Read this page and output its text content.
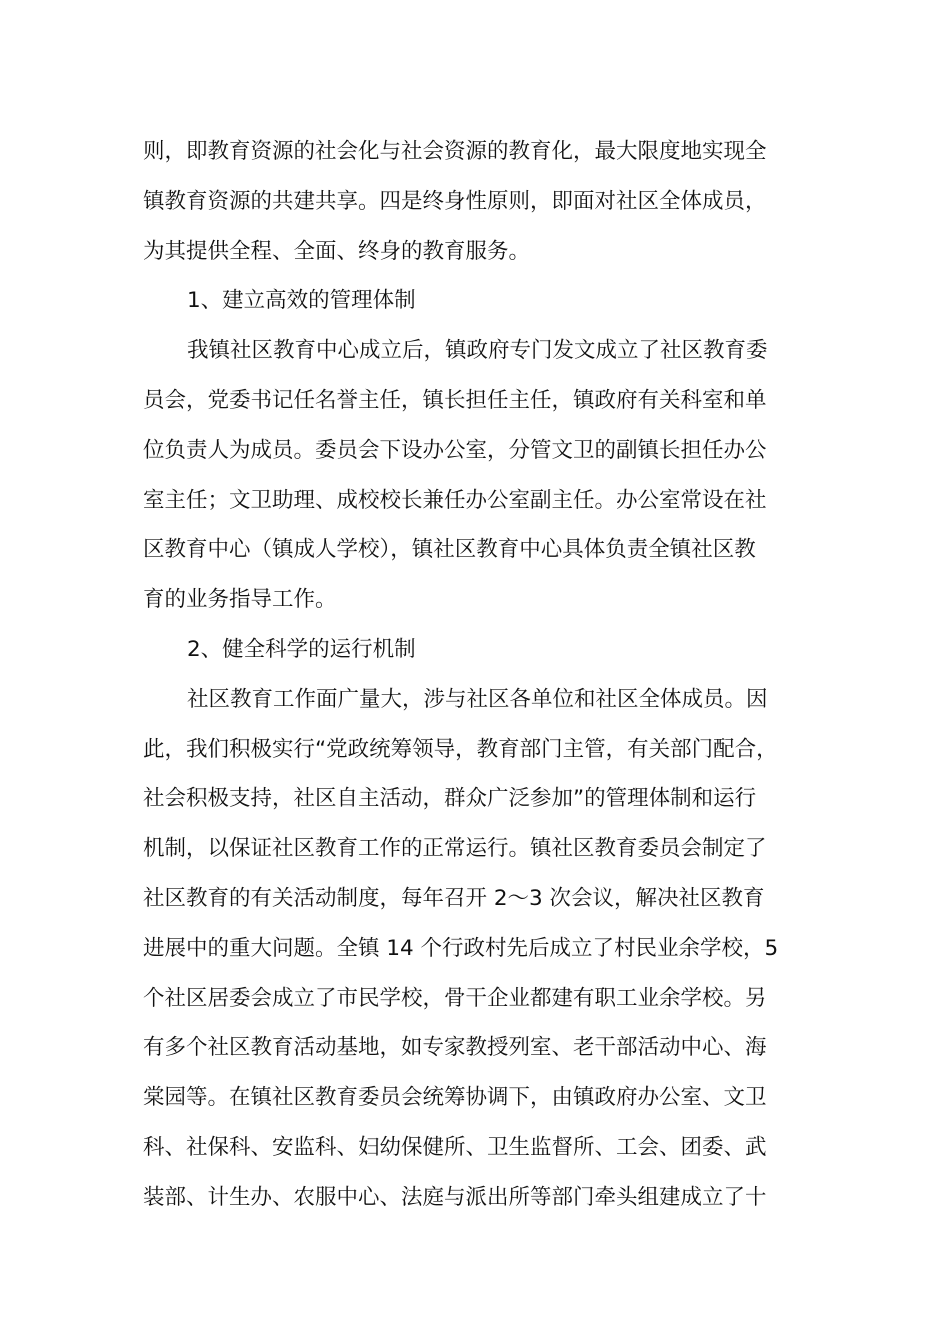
则，即教育资源的社会化与社会资源的教育化，最大限度地实现全
镇教育资源的共建共享。四是终身性原则，即面对社区全体成员，
为其提供全程、全面、终身的教育服务。
1、建立高效的管理体制
我镇社区教育中心成立后，镇政府专门发文成立了社区教育委
员会，党委书记任名誉主任，镇长担任主任，镇政府有关科室和单
位负责人为成员。委员会下设办公室，分管文卫的副镇长担任办公
室主任；文卫助理、成校校长兼任办公室副主任。办公室常设在社
区教育中心（镇成人学校），镇社区教育中心具体负责全镇社区教
育的业务指导工作。
2、健全科学的运行机制
社区教育工作面广量大，涉与社区各单位和社区全体成员。因
此，我们积极实行“党政统筹领导，教育部门主管，有关部门配合，
社会积极支持，社区自主活动，群众广泛参加”的管理体制和运行
机制，以保证社区教育工作的正常运行。镇社区教育委员会制定了
社区教育的有关活动制度，每年召开 2～3 次会议，解决社区教育
进展中的重大问题。全镇 14 个行政村先后成立了村民业余学校，5
个社区居委会成立了市民学校，骨干企业都建有职工业余学校。另
有多个社区教育活动基地，如专家教授列室、老干部活动中心、海
棠园等。在镇社区教育委员会统筹协调下，由镇政府办公室、文卫
科、社保科、安监科、妇幼保健所、卫生监督所、工会、团委、武
装部、计生办、农服中心、法庭与派出所等部门牵头组建成立了十
